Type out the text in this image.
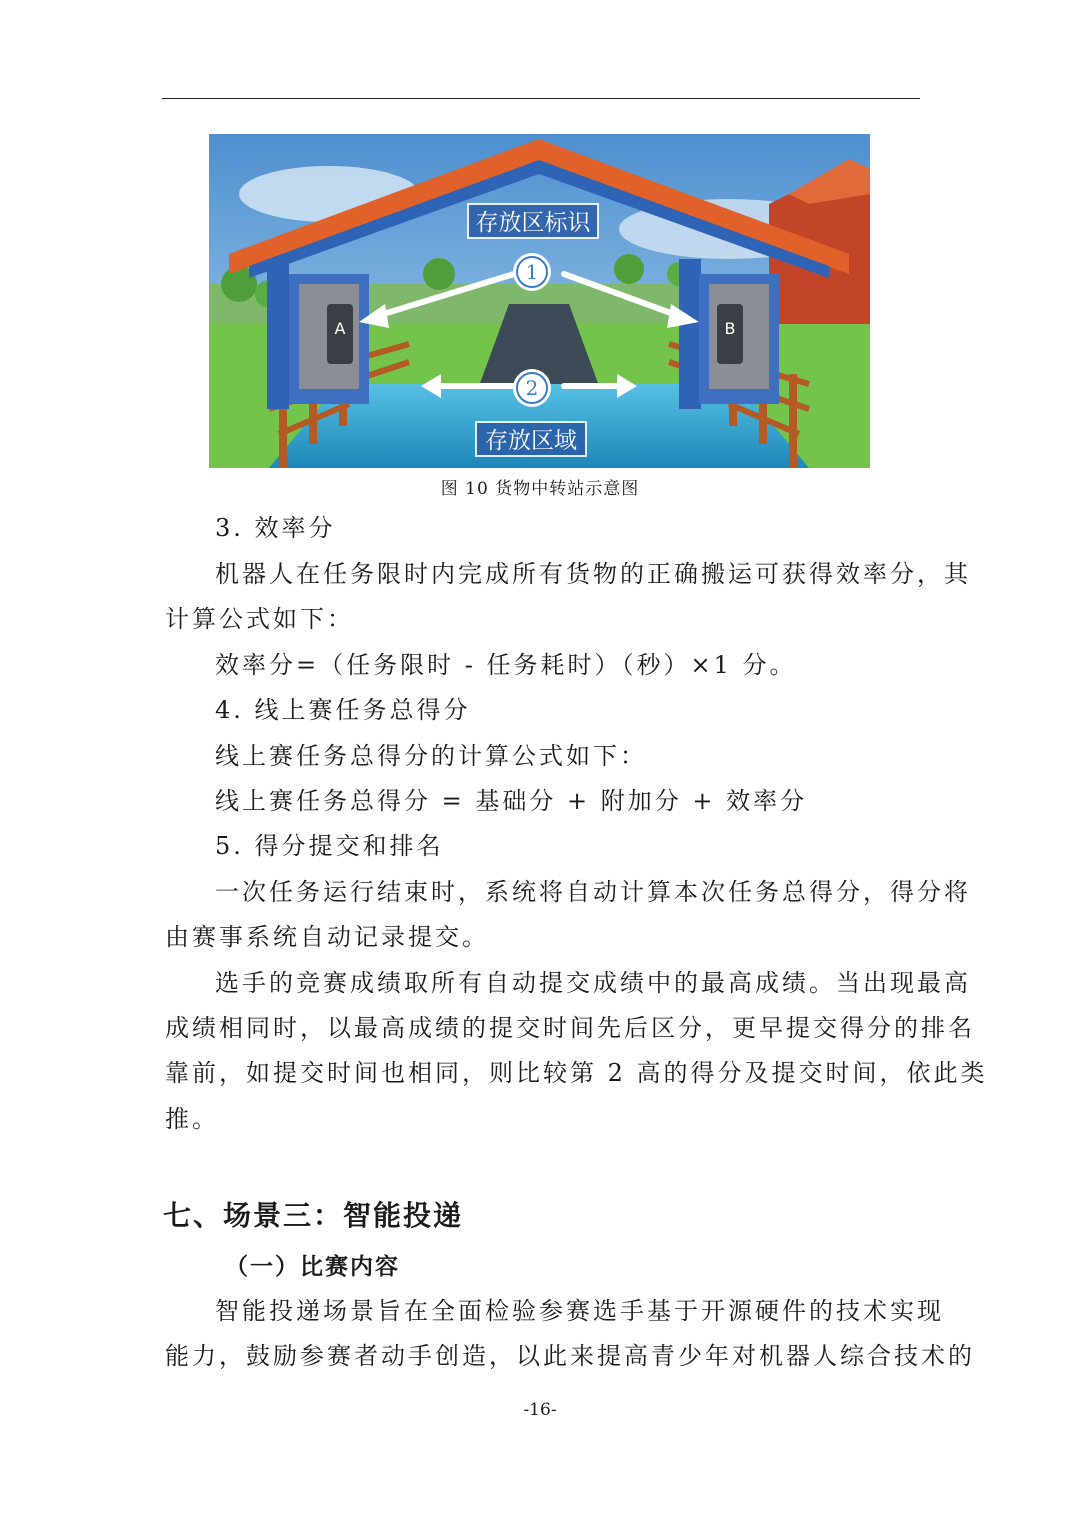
A	B
1
2
存放区标识
存放区域
图 10 货物中转站示意图
3. 效率分
机器人在任务限时内完成所有货物的正确搬运可获得效率分，其
计算公式如下：
效率分=（任务限时 - 任务耗时）（秒）×1 分。
4. 线上赛任务总得分
线上赛任务总得分的计算公式如下：
线上赛任务总得分 = 基础分 + 附加分 + 效率分
5. 得分提交和排名
一次任务运行结束时，系统将自动计算本次任务总得分，得分将
由赛事系统自动记录提交。
选手的竞赛成绩取所有自动提交成绩中的最高成绩。当出现最高
成绩相同时，以最高成绩的提交时间先后区分，更早提交得分的排名
靠前，如提交时间也相同，则比较第 2 高的得分及提交时间，依此类
推。
七、场景三：智能投递
（一）比赛内容
智能投递场景旨在全面检验参赛选手基于开源硬件的技术实现
能力，鼓励参赛者动手创造，以此来提高青少年对机器人综合技术的
-16-
